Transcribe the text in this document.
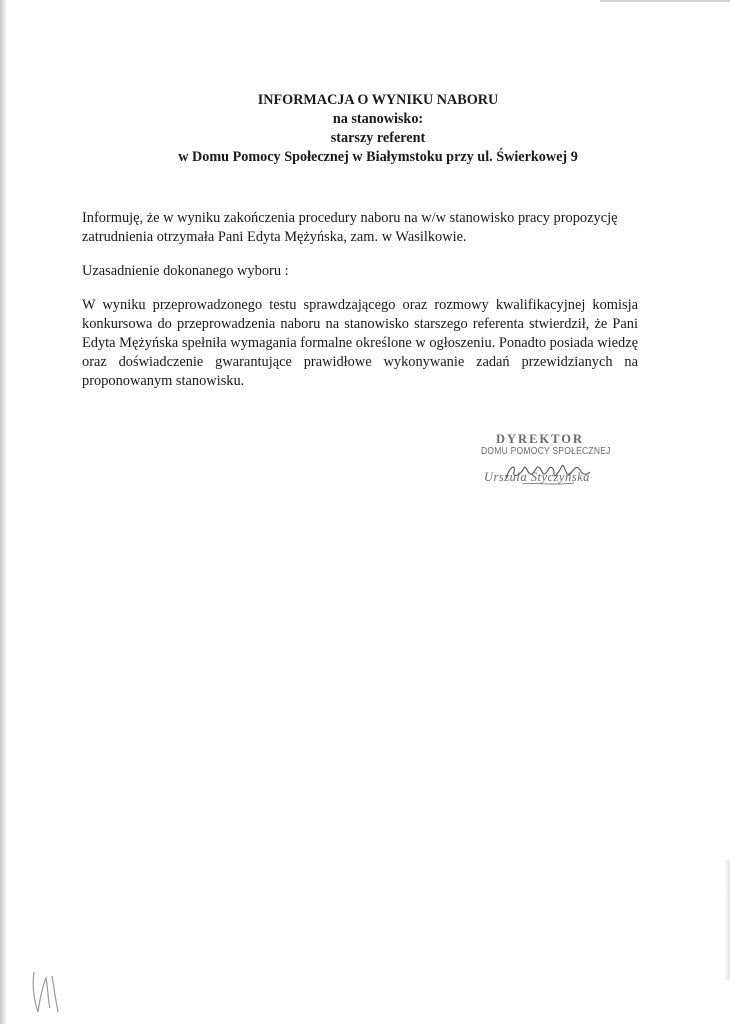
INFORMACJA O WYNIKU NABORU
na stanowisko:
starszy referent
w Domu Pomocy Społecznej w Białymstoku przy ul. Świerkowej 9

Informuję, że w wyniku zakończenia procedury naboru na w/w stanowisko pracy propozycję
zatrudnienia otrzymała Pani Edyta Mężyńska, zam. w Wasilkowie.

Uzasadnienie dokonanego wyboru :

W wyniku przeprowadzonego testu sprawdzającego oraz rozmowy kwalifikacyjnej komisja
konkursowa do przeprowadzenia naboru na stanowisko starszego referenta stwierdził, że Pani
Edyta Mężyńska spełniła wymagania formalne określone w ogłoszeniu. Ponadto posiada wiedzę
oraz doświadczenie gwarantujące prawidłowe wykonywanie zadań przewidzianych na
proponowanym stanowisku.
DYREKTOR
DOMU POMOCY SPOŁECZNEJ
Urszula Styczyńska
